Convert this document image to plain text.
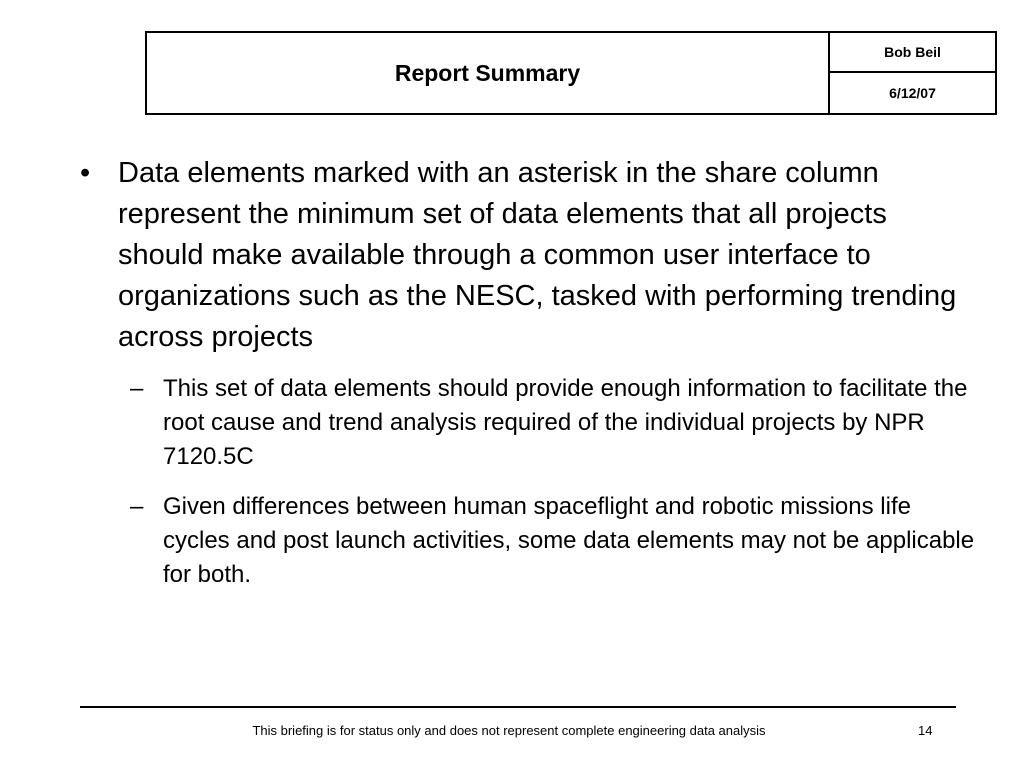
Report Summary
Bob Beil
6/12/07
• Data elements marked with an asterisk in the share column represent the minimum set of data elements that all projects should make available through a common user interface to organizations such as the NESC, tasked with performing trending across projects
– This set of data elements should provide enough information to facilitate the root cause and trend analysis required of the individual projects by NPR 7120.5C
– Given differences between human spaceflight and robotic missions life cycles and post launch activities, some data elements may not be applicable for both.
This briefing is for status only and does not represent complete engineering data analysis	14
